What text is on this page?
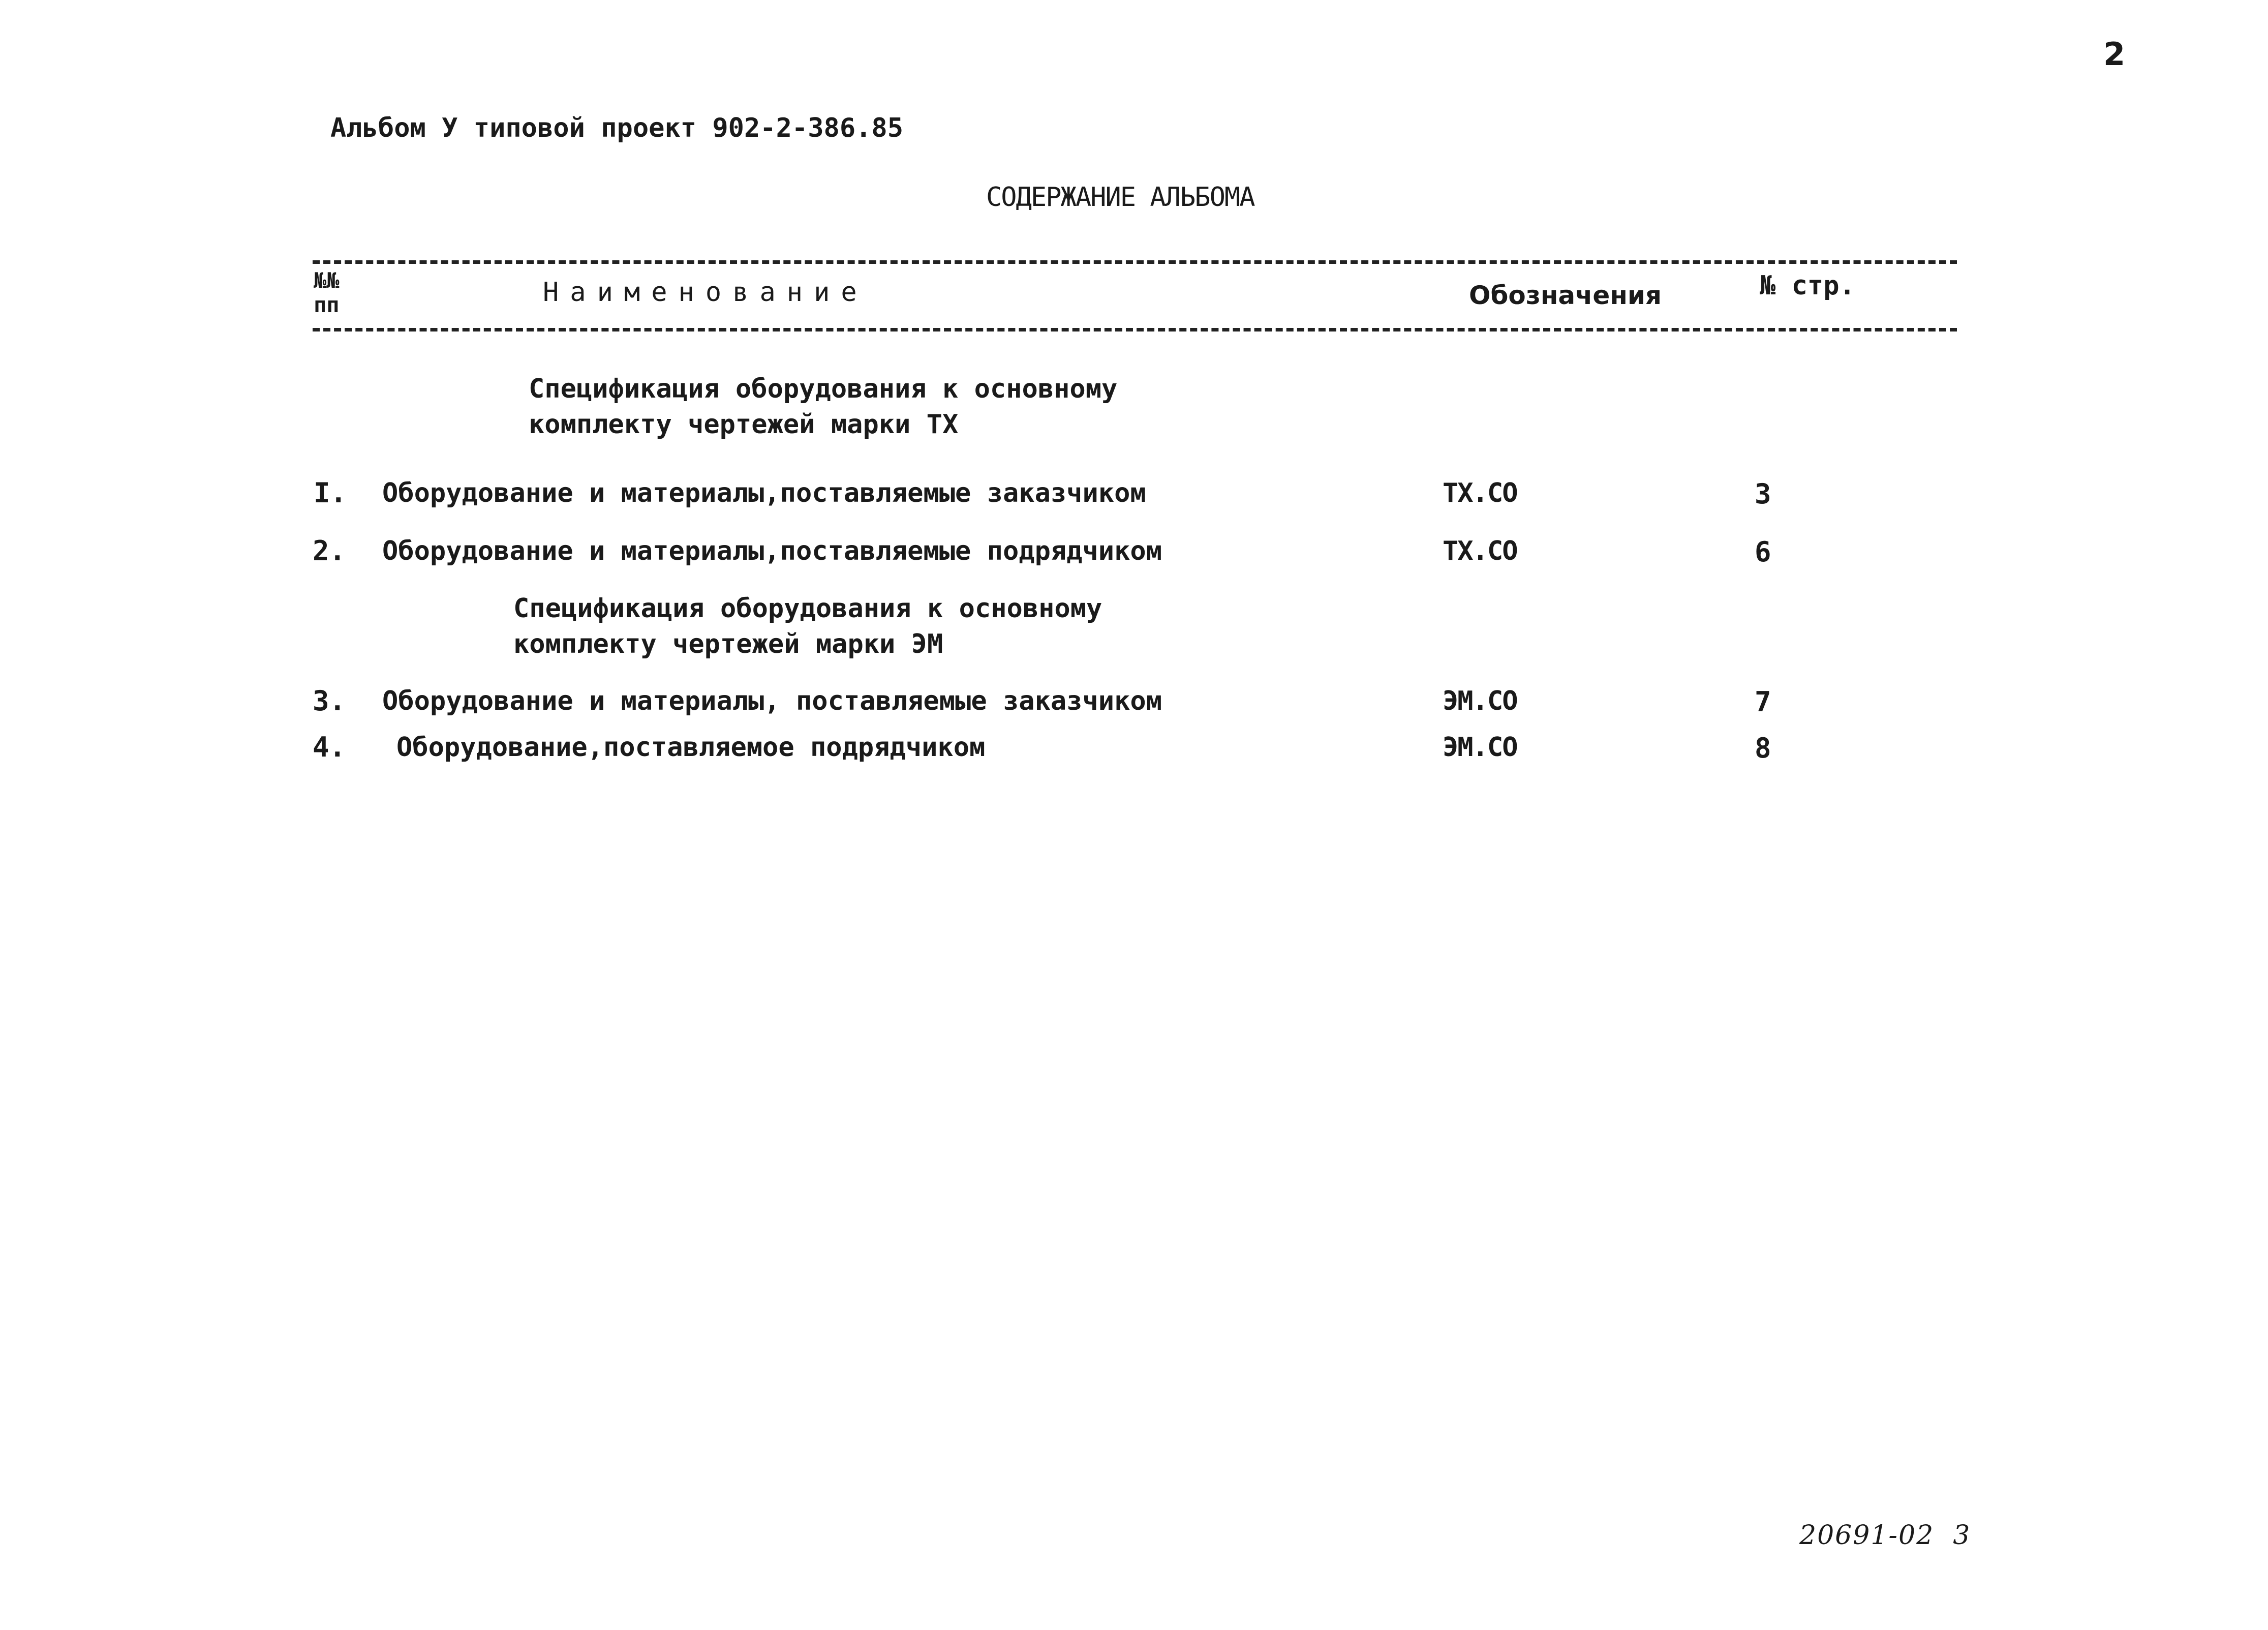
2
Альбом У типовой проект 902-2-386.85
СОДЕРЖАНИЕ АЛЬБОМА
№№
пп	Наименование	Обозначения	№ стр.
Спецификация оборудования к основному
комплекту чертежей марки ТХ
I. Оборудование и материалы,поставляемые заказчиком	ТХ.СО	3
2. Оборудование и материалы,поставляемые подрядчиком	ТХ.СО	6
Спецификация оборудования к основному
комплекту чертежей марки ЭМ
3. Оборудование и материалы, поставляемые заказчиком	ЭМ.СО	7
4. Оборудование,поставляемое подрядчиком	ЭМ.СО	8
20691-02  3
